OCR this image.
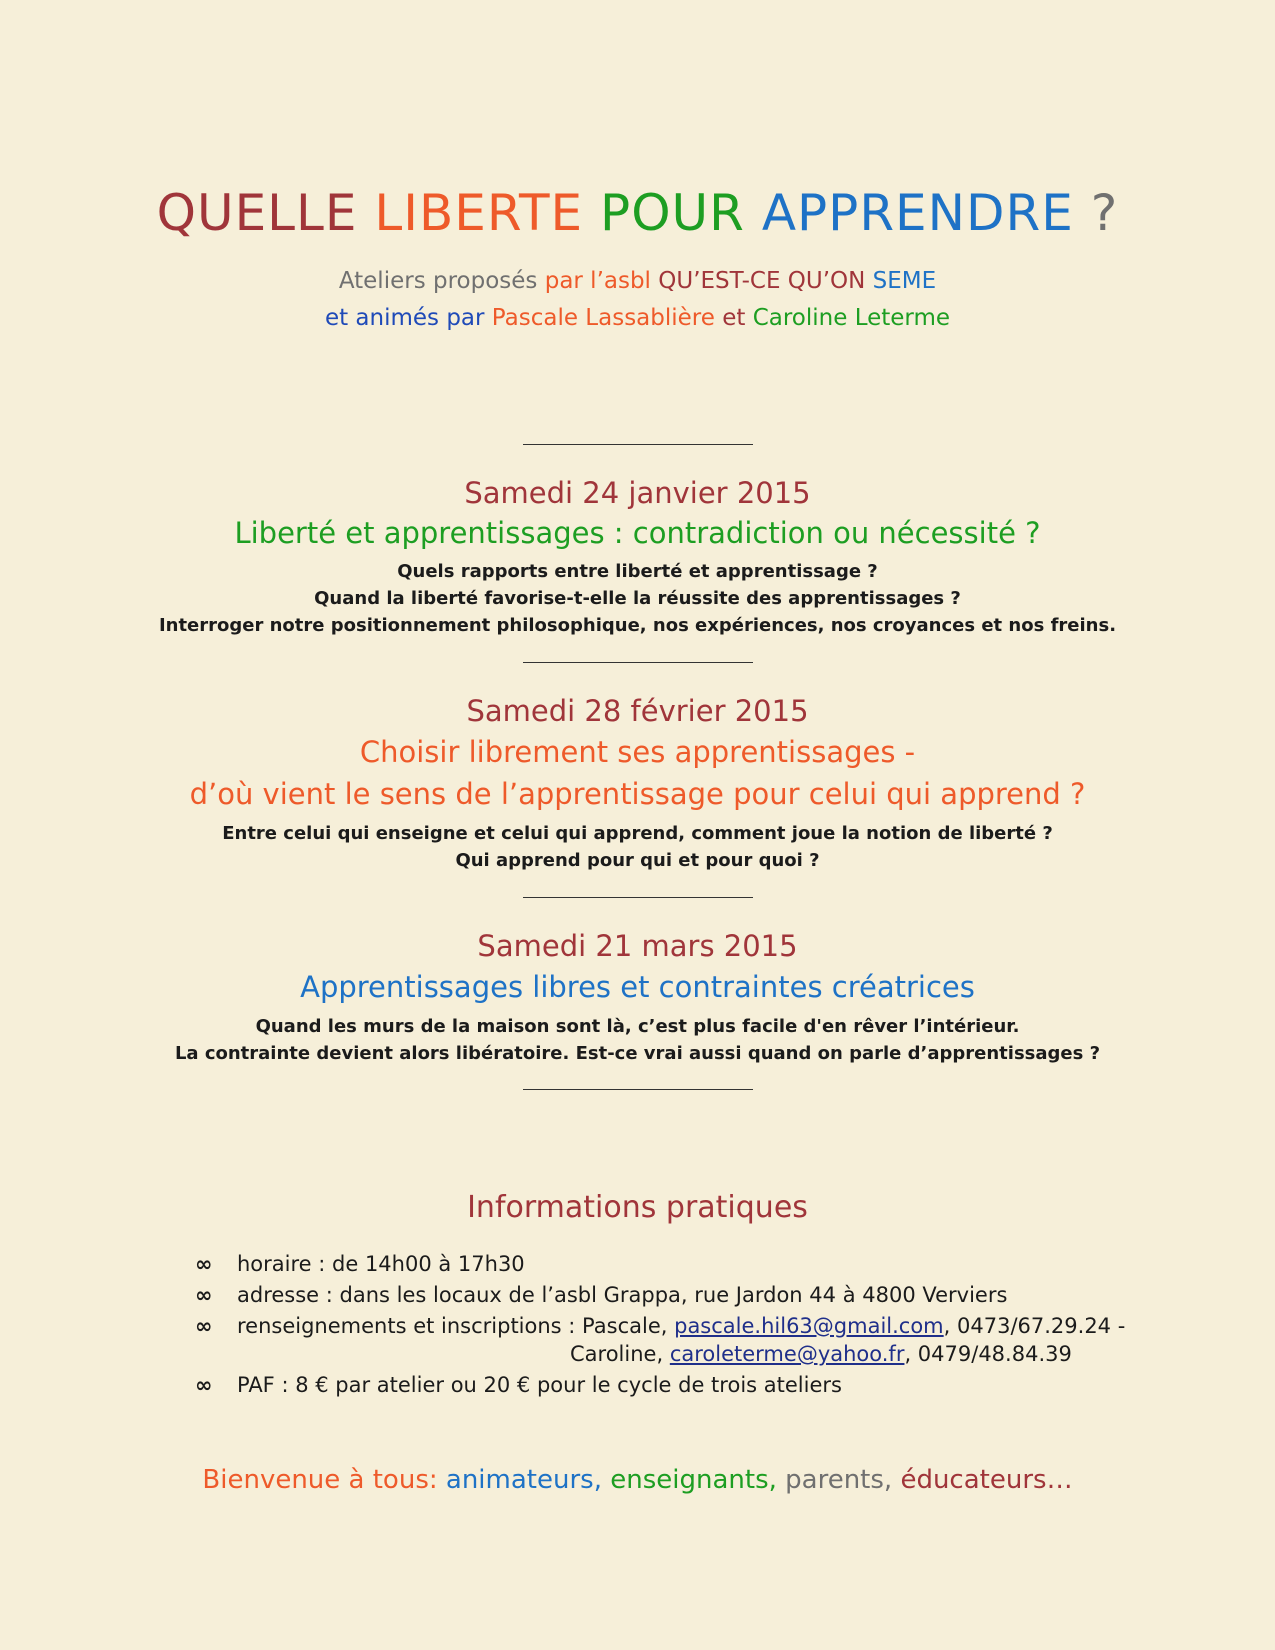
QUELLE LIBERTE POUR APPRENDRE ?
Ateliers proposés par l’asbl QU’EST-CE QU’ON SEME
et animés par Pascale Lassablière et Caroline Leterme
Samedi 24 janvier 2015
Liberté et apprentissages : contradiction ou nécessité ?
Quels rapports entre liberté et apprentissage ?
Quand la liberté favorise-t-elle la réussite des apprentissages ?
Interroger notre positionnement philosophique, nos expériences, nos croyances et nos freins.
Samedi 28 février 2015
Choisir librement ses apprentissages -
d’où vient le sens de l’apprentissage pour celui qui apprend ?
Entre celui qui enseigne et celui qui apprend, comment joue la notion de liberté ?
Qui apprend pour qui et pour quoi ?
Samedi 21 mars 2015
Apprentissages libres et contraintes créatrices
Quand les murs de la maison sont là, c’est plus facile d'en rêver l’intérieur.
La contrainte devient alors libératoire. Est-ce vrai aussi quand on parle d’apprentissages ?
Informations pratiques
∞ horaire : de 14h00 à 17h30
∞ adresse : dans les locaux de l’asbl Grappa, rue Jardon 44 à 4800 Verviers
∞ renseignements et inscriptions : Pascale, pascale.hil63@gmail.com, 0473/67.29.24 -
Caroline, caroleterme@yahoo.fr, 0479/48.84.39
∞ PAF : 8 € par atelier ou 20 € pour le cycle de trois ateliers
Bienvenue à tous: animateurs, enseignants, parents, éducateurs…
